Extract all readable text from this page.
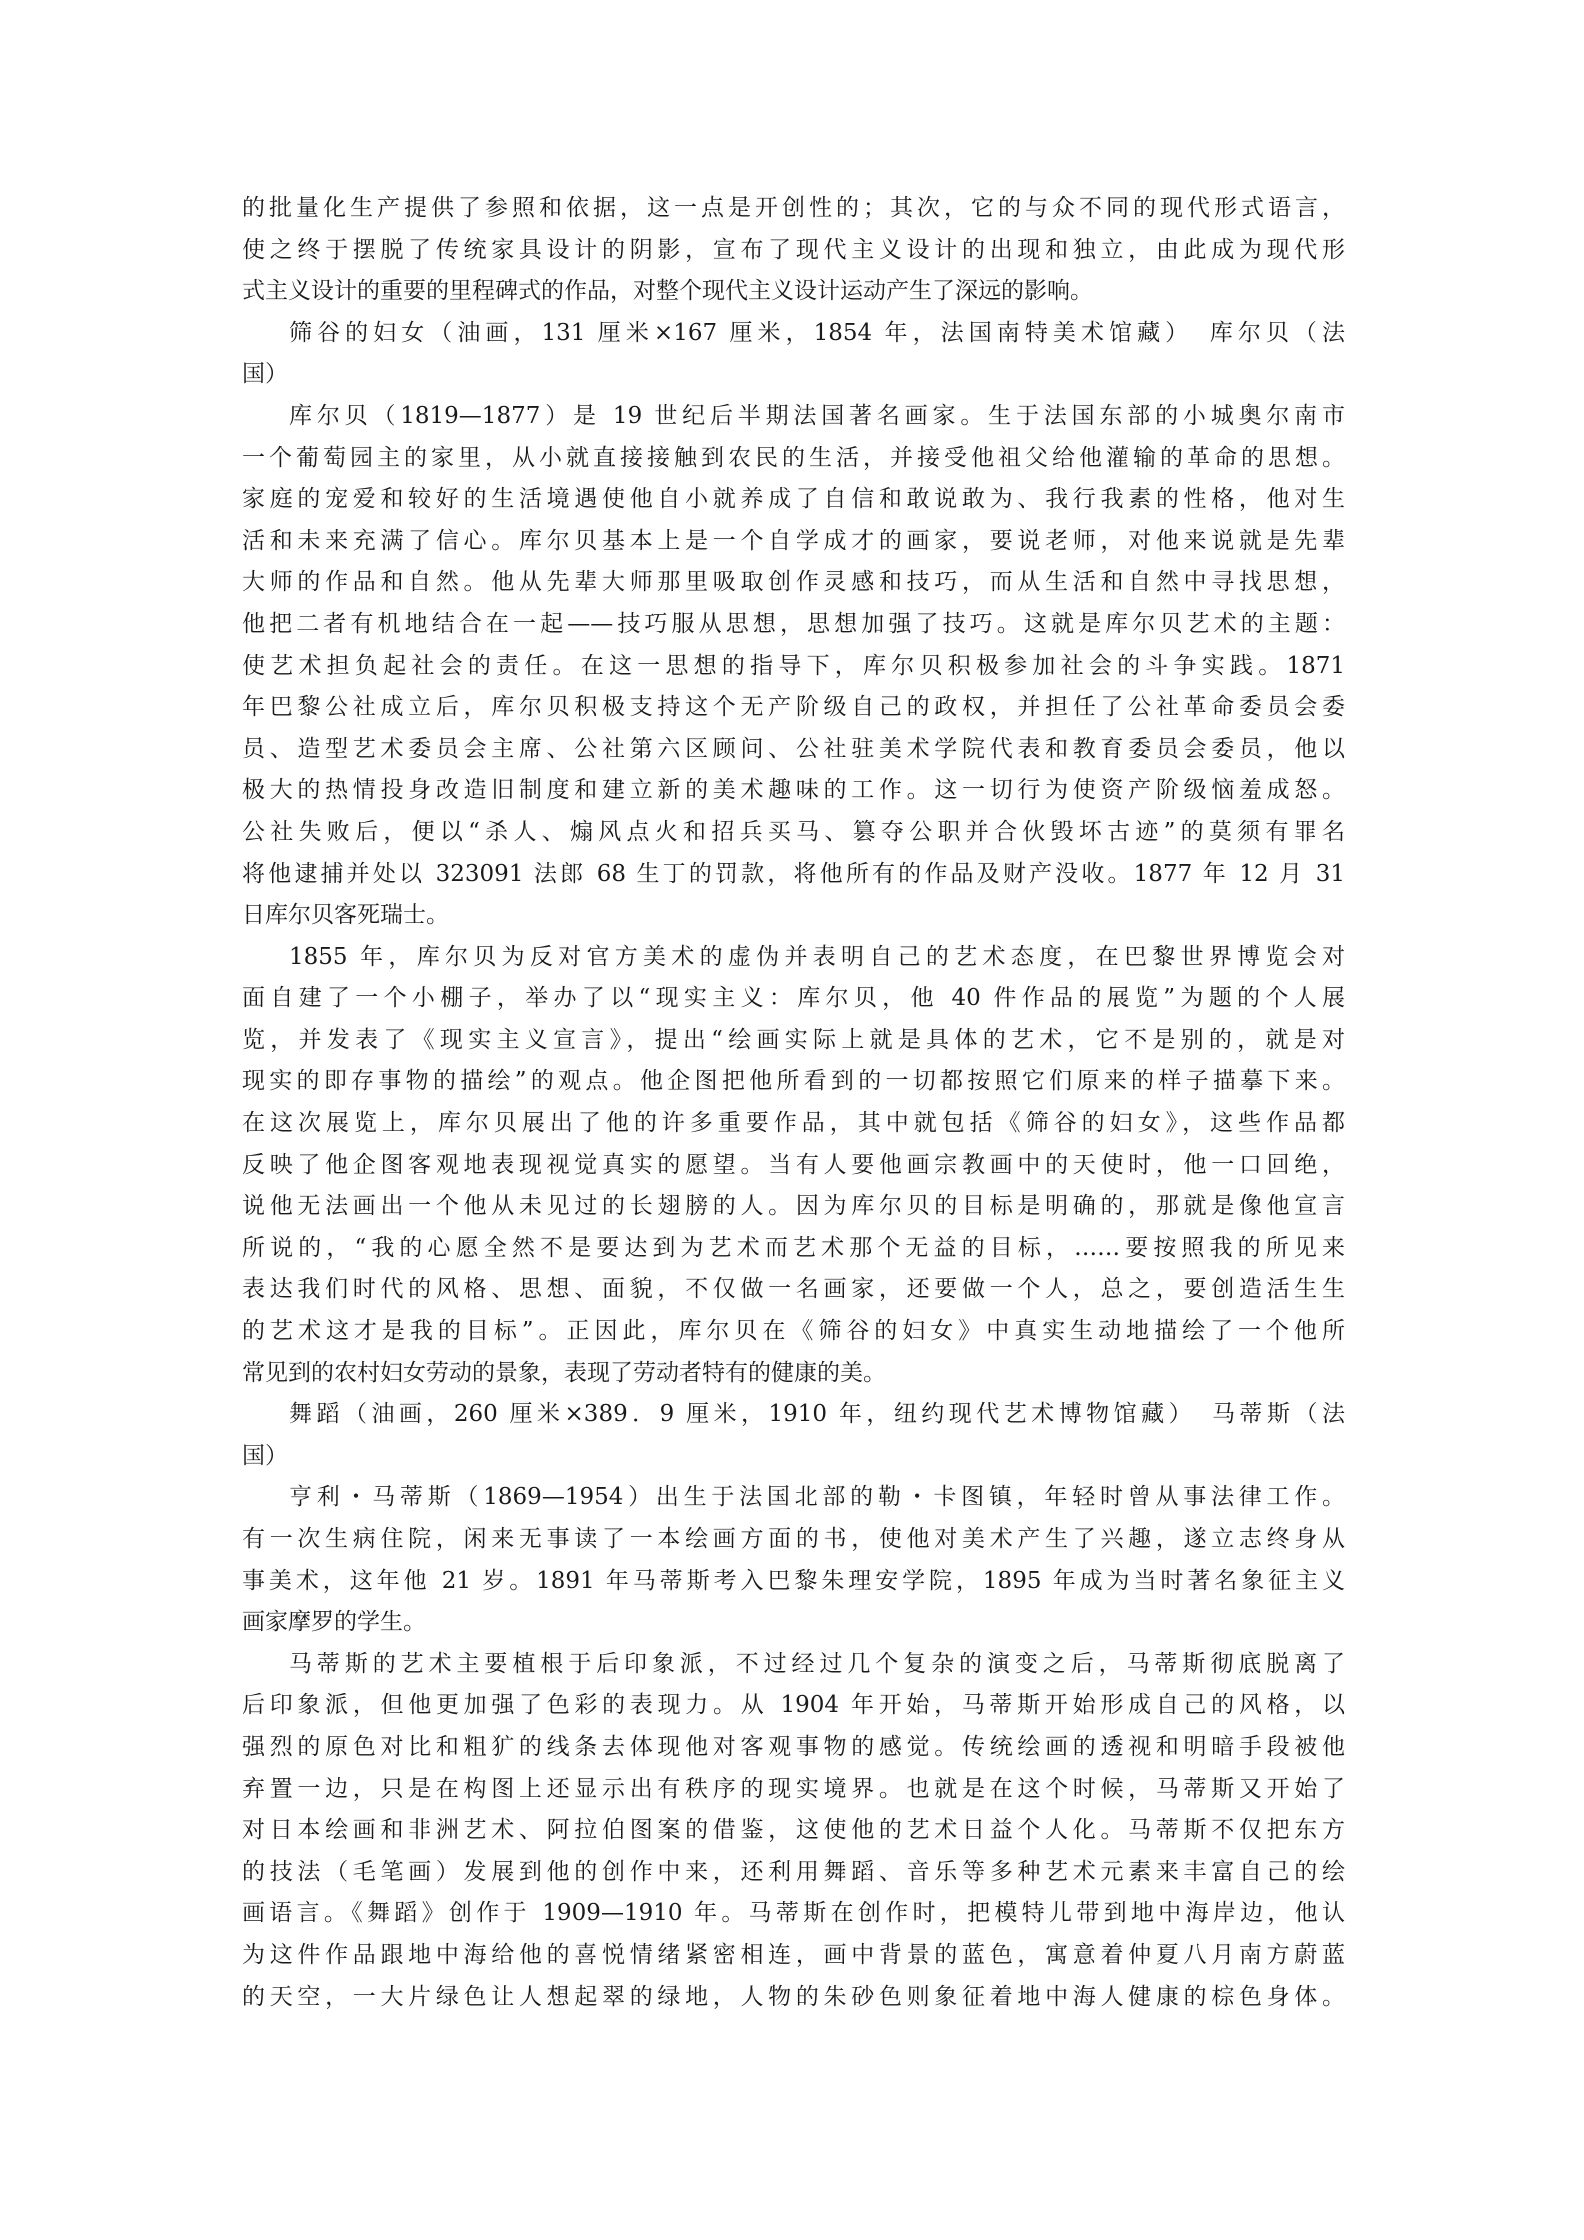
的批量化生产提供了参照和依据，这一点是开创性的；其次，它的与众不同的现代形式语言，
使之终于摆脱了传统家具设计的阴影，宣布了现代主义设计的出现和独立，由此成为现代形
式主义设计的重要的里程碑式的作品，对整个现代主义设计运动产生了深远的影响。
筛谷的妇女（油画，131 厘米×167 厘米，1854 年，法国南特美术馆藏）　库尔贝（法
国）
库尔贝（1819—1877）是 19 世纪后半期法国著名画家。生于法国东部的小城奥尔南市
一个葡萄园主的家里，从小就直接接触到农民的生活，并接受他祖父给他灌输的革命的思想。
家庭的宠爱和较好的生活境遇使他自小就养成了自信和敢说敢为、我行我素的性格，他对生
活和未来充满了信心。库尔贝基本上是一个自学成才的画家，要说老师，对他来说就是先辈
大师的作品和自然。他从先辈大师那里吸取创作灵感和技巧，而从生活和自然中寻找思想，
他把二者有机地结合在一起——技巧服从思想，思想加强了技巧。这就是库尔贝艺术的主题：
使艺术担负起社会的责任。在这一思想的指导下，库尔贝积极参加社会的斗争实践。1871
年巴黎公社成立后，库尔贝积极支持这个无产阶级自己的政权，并担任了公社革命委员会委
员、造型艺术委员会主席、公社第六区顾问、公社驻美术学院代表和教育委员会委员，他以
极大的热情投身改造旧制度和建立新的美术趣味的工作。这一切行为使资产阶级恼羞成怒。
公社失败后，便以“杀人、煽风点火和招兵买马、篡夺公职并合伙毁坏古迹”的莫须有罪名
将他逮捕并处以 323091 法郎 68 生丁的罚款，将他所有的作品及财产没收。1877 年 12 月 31
日库尔贝客死瑞士。
1855 年，库尔贝为反对官方美术的虚伪并表明自己的艺术态度，在巴黎世界博览会对
面自建了一个小棚子，举办了以“现实主义：库尔贝，他 40 件作品的展览”为题的个人展
览，并发表了《现实主义宣言》，提出“绘画实际上就是具体的艺术，它不是别的，就是对
现实的即存事物的描绘”的观点。他企图把他所看到的一切都按照它们原来的样子描摹下来。
在这次展览上，库尔贝展出了他的许多重要作品，其中就包括《筛谷的妇女》，这些作品都
反映了他企图客观地表现视觉真实的愿望。当有人要他画宗教画中的天使时，他一口回绝，
说他无法画出一个他从未见过的长翅膀的人。因为库尔贝的目标是明确的，那就是像他宣言
所说的，“我的心愿全然不是要达到为艺术而艺术那个无益的目标，……要按照我的所见来
表达我们时代的风格、思想、面貌，不仅做一名画家，还要做一个人，总之，要创造活生生
的艺术这才是我的目标”。正因此，库尔贝在《筛谷的妇女》中真实生动地描绘了一个他所
常见到的农村妇女劳动的景象，表现了劳动者特有的健康的美。
舞蹈（油画，260 厘米×389．9 厘米，1910 年，纽约现代艺术博物馆藏）　马蒂斯（法
国）
亨利・马蒂斯（1869—1954）出生于法国北部的勒・卡图镇，年轻时曾从事法律工作。
有一次生病住院，闲来无事读了一本绘画方面的书，使他对美术产生了兴趣，遂立志终身从
事美术，这年他 21 岁。1891 年马蒂斯考入巴黎朱理安学院，1895 年成为当时著名象征主义
画家摩罗的学生。
马蒂斯的艺术主要植根于后印象派，不过经过几个复杂的演变之后，马蒂斯彻底脱离了
后印象派，但他更加强了色彩的表现力。从 1904 年开始，马蒂斯开始形成自己的风格，以
强烈的原色对比和粗犷的线条去体现他对客观事物的感觉。传统绘画的透视和明暗手段被他
弃置一边，只是在构图上还显示出有秩序的现实境界。也就是在这个时候，马蒂斯又开始了
对日本绘画和非洲艺术、阿拉伯图案的借鉴，这使他的艺术日益个人化。马蒂斯不仅把东方
的技法（毛笔画）发展到他的创作中来，还利用舞蹈、音乐等多种艺术元素来丰富自己的绘
画语言。《舞蹈》创作于 1909—1910 年。马蒂斯在创作时，把模特儿带到地中海岸边，他认
为这件作品跟地中海给他的喜悦情绪紧密相连，画中背景的蓝色，寓意着仲夏八月南方蔚蓝
的天空，一大片绿色让人想起翠的绿地，人物的朱砂色则象征着地中海人健康的棕色身体。
